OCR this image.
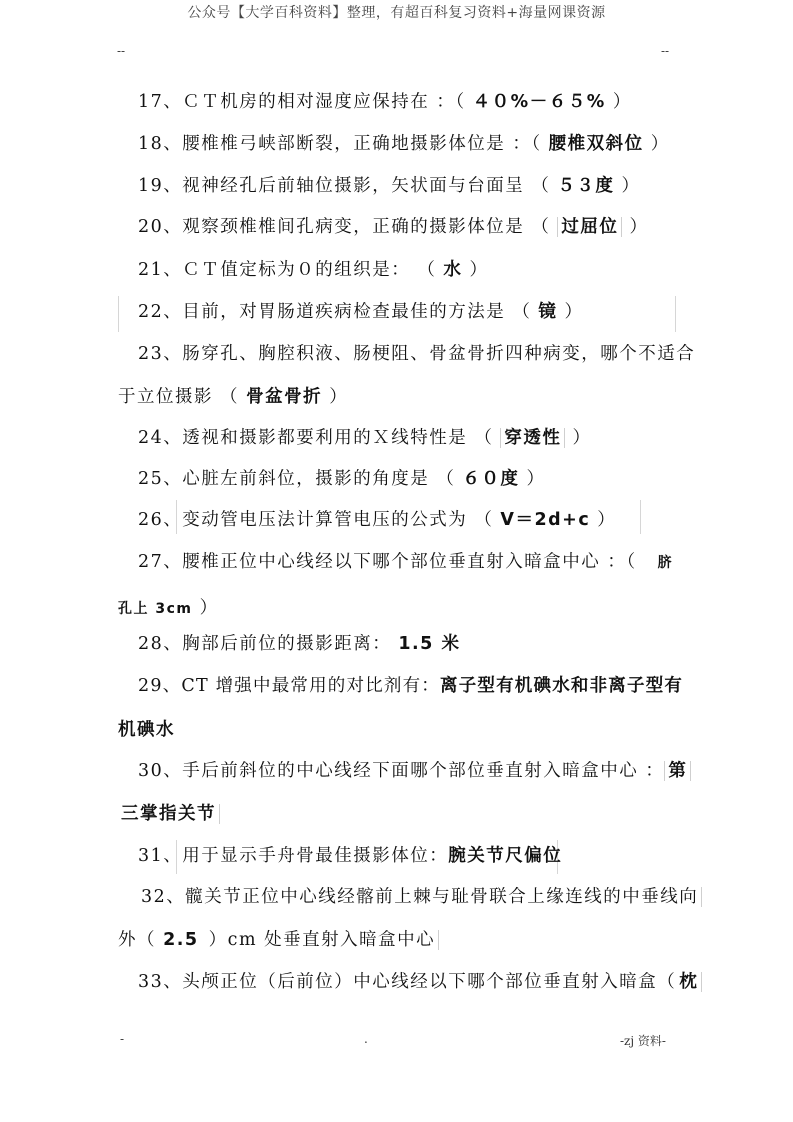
公众号【大学百科资料】整理，有超百科复习资料+海量网课资源
--	--
17、ＣＴ机房的相对湿度应保持在 ：（ ４０%－６５% ）
18、腰椎椎弓峡部断裂，正确地摄影体位是 ：（ 腰椎双斜位 ）
19、视神经孔后前轴位摄影，矢状面与台面呈 （ ５３度 ）
20、观察颈椎椎间孔病变，正确的摄影体位是 （ 过屈位 ）
21、ＣＴ值定标为０的组织是： （ 水 ）
22、目前，对胃肠道疾病检查最佳的方法是 （ 镜 ）
23、肠穿孔、胸腔积液、肠梗阻、骨盆骨折四种病变，哪个不适合
于立位摄影 （ 骨盆骨折 ）
24、透视和摄影都要利用的Ｘ线特性是 （ 穿透性 ）
25、心脏左前斜位，摄影的角度是 （ ６０度 ）
26、变动管电压法计算管电压的公式为 （ V＝2d+c ）
27、腰椎正位中心线经以下哪个部位垂直射入暗盒中心 ：（ 脐
孔上 3cm ）
28、胸部后前位的摄影距离： 1.5 米
29、CT 增强中最常用的对比剂有：离子型有机碘水和非离子型有
机碘水
30、手后前斜位的中心线经下面哪个部位垂直射入暗盒中心 ： 第
三掌指关节
31、用于显示手舟骨最佳摄影体位：腕关节尺偏位
32、髋关节正位中心线经髂前上棘与耻骨联合上缘连线的中垂线向
外（ 2.5 ）cm 处垂直射入暗盒中心
33、头颅正位（后前位）中心线经以下哪个部位垂直射入暗盒（ 枕
-	.	-zj 资料-
